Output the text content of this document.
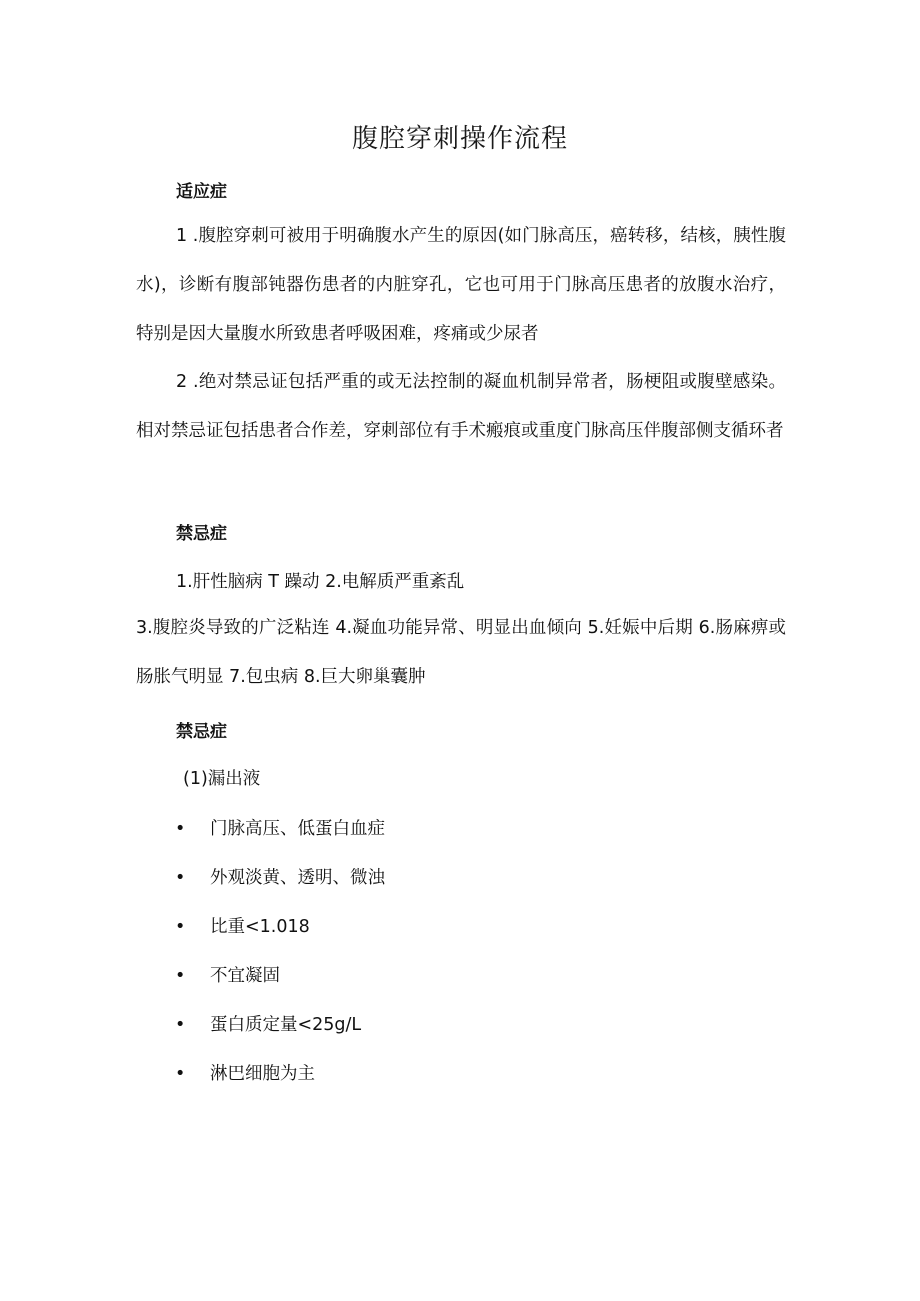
腹腔穿刺操作流程
适应症
1 .腹腔穿刺可被用于明确腹水产生的原因(如门脉高压，癌转移，结核，胰性腹水)，诊断有腹部钝器伤患者的内脏穿孔，它也可用于门脉高压患者的放腹水治疗，特别是因大量腹水所致患者呼吸困难，疼痛或少尿者
2 .绝对禁忌证包括严重的或无法控制的凝血机制异常者，肠梗阻或腹壁感染。相对禁忌证包括患者合作差，穿刺部位有手术瘢痕或重度门脉高压伴腹部侧支循环者
禁忌症
1.肝性脑病 T 躁动 2.电解质严重紊乱
3.腹腔炎导致的广泛粘连 4.凝血功能异常、明显出血倾向 5.妊娠中后期 6.肠麻痹或肠胀气明显 7.包虫病 8.巨大卵巢囊肿
禁忌症
(1)漏出液
• 门脉高压、低蛋白血症
• 外观淡黄、透明、微浊
• 比重<1.018
• 不宜凝固
• 蛋白质定量<25g/L
• 淋巴细胞为主
